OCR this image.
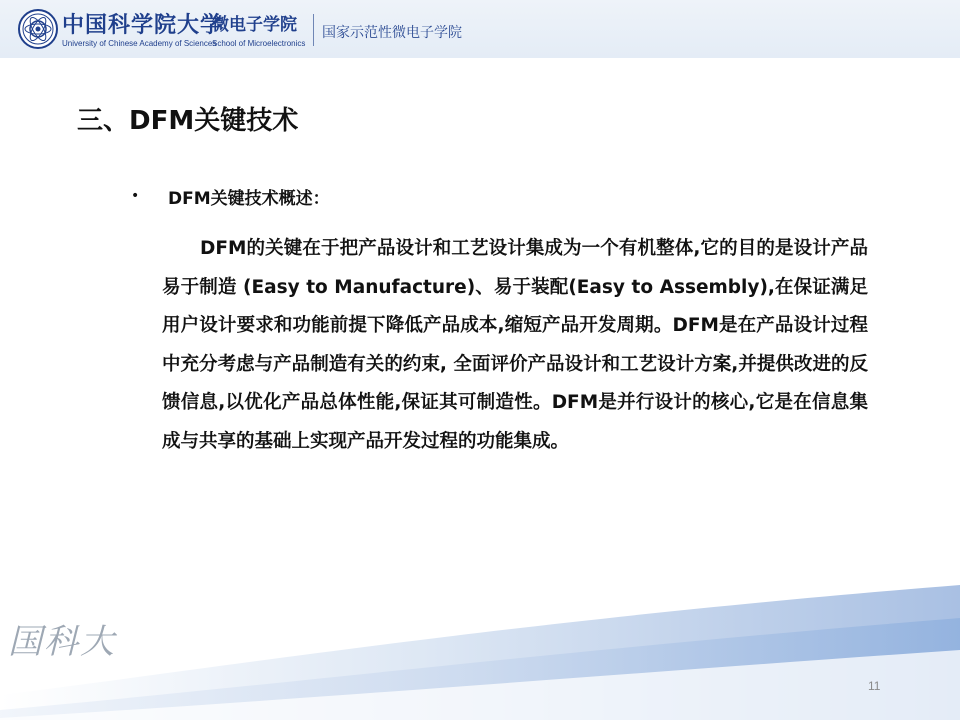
中国科学院大学
University of Chinese Academy of Sciences
微电子学院
School of Microelectronics
国家示范性微电子学院
三、DFM关键技术
• DFM关键技术概述：
DFM的关键在于把产品设计和工艺设计集成为一个有机整体,它的目的是设计产品易于制造 (Easy to Manufacture)、易于装配(Easy to Assembly),在保证满足用户设计要求和功能前提下降低产品成本,缩短产品开发周期。DFM是在产品设计过程中充分考虑与产品制造有关的约束, 全面评价产品设计和工艺设计方案,并提供改进的反馈信息,以优化产品总体性能,保证其可制造性。DFM是并行设计的核心,它是在信息集成与共享的基础上实现产品开发过程的功能集成。
国科大
11
